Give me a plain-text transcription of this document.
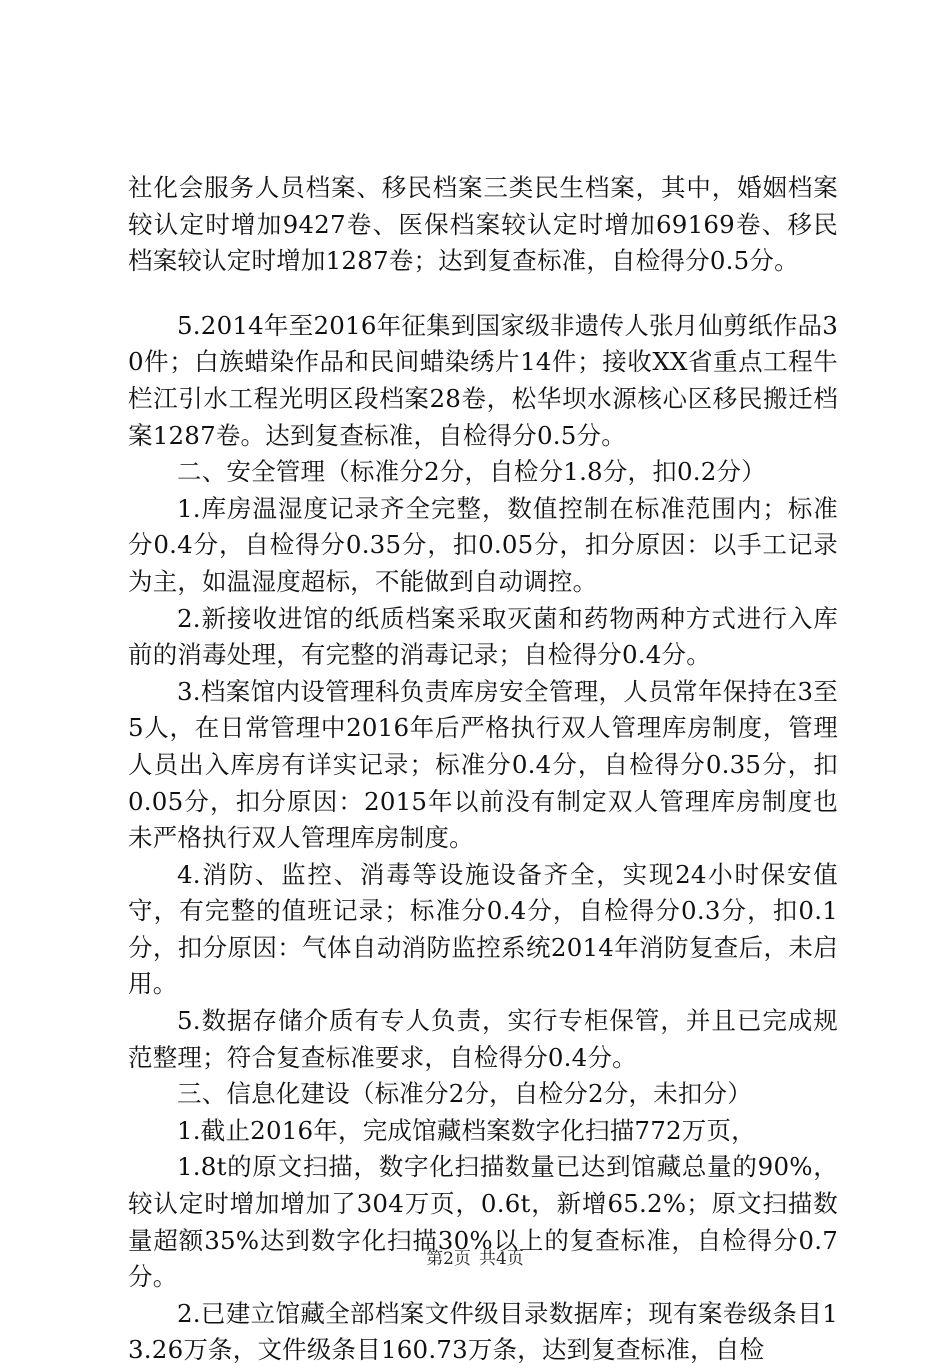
社化会服务人员档案、移民档案三类民生档案，其中，婚姻档案较认定时增加9427卷、医保档案较认定时增加69169卷、移民档案较认定时增加1287卷；达到复查标准，自检得分0.5分。

5.2014年至2016年征集到国家级非遗传人张月仙剪纸作品30件；白族蜡染作品和民间蜡染绣片14件；接收XX省重点工程牛栏江引水工程光明区段档案28卷，松华坝水源核心区移民搬迁档案1287卷。达到复查标准，自检得分0.5分。

二、安全管理（标准分2分，自检分1.8分，扣0.2分）

1.库房温湿度记录齐全完整，数值控制在标准范围内；标准分0.4分，自检得分0.35分，扣0.05分，扣分原因：以手工记录为主，如温湿度超标，不能做到自动调控。

2.新接收进馆的纸质档案采取灭菌和药物两种方式进行入库前的消毒处理，有完整的消毒记录；自检得分0.4分。

3.档案馆内设管理科负责库房安全管理，人员常年保持在3至5人，在日常管理中2016年后严格执行双人管理库房制度，管理人员出入库房有详实记录；标准分0.4分，自检得分0.35分，扣0.05分，扣分原因：2015年以前没有制定双人管理库房制度也未严格执行双人管理库房制度。

4.消防、监控、消毒等设施设备齐全，实现24小时保安值守，有完整的值班记录；标准分0.4分，自检得分0.3分，扣0.1分，扣分原因：气体自动消防监控系统2014年消防复查后，未启用。

5.数据存储介质有专人负责，实行专柜保管，并且已完成规范整理；符合复查标准要求，自检得分0.4分。

三、信息化建设（标准分2分，自检分2分，未扣分）

1.截止2016年，完成馆藏档案数字化扫描772万页，

1.8t的原文扫描，数字化扫描数量已达到馆藏总量的90%，较认定时增加增加了304万页，0.6t，新增65.2%；原文扫描数量超额35%达到数字化扫描30%以上的复查标准，自检得分0.7分。

2.已建立馆藏全部档案文件级目录数据库；现有案卷级条目13.26万条，文件级条目160.73万条，达到复查标准，自检

第2页 共4页
